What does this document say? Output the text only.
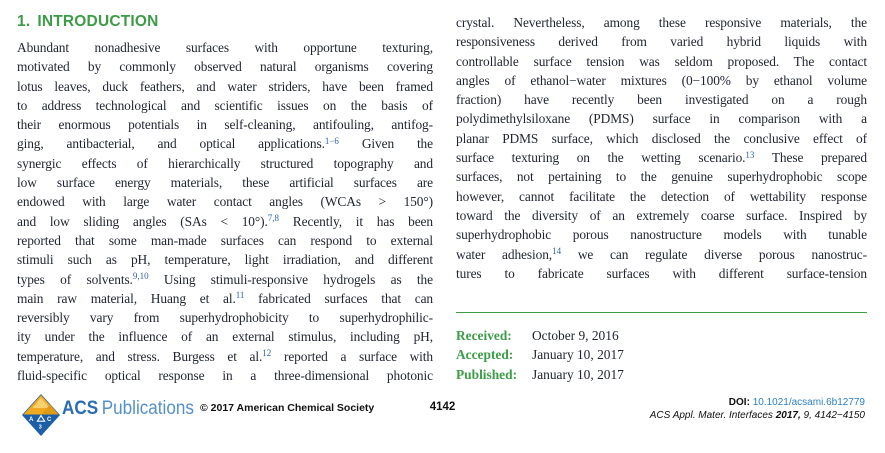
1. INTRODUCTION
Abundant nonadhesive surfaces with opportune texturing,
motivated by commonly observed natural organisms covering
lotus leaves, duck feathers, and water striders, have been framed
to address technological and scientific issues on the basis of
their enormous potentials in self-cleaning, antifouling, antifog-
ging, antibacterial, and optical applications.$^{1-6}$ Given the
synergic effects of hierarchically structured topography and
low surface energy materials, these artificial surfaces are
endowed with large water contact angles (WCAs > 150°)
and low sliding angles (SAs < 10°).$^{7,8}$ Recently, it has been
reported that some man-made surfaces can respond to external
stimuli such as pH, temperature, light irradiation, and different
types of solvents.$^{9,10}$ Using stimuli-responsive hydrogels as the
main raw material, Huang et al.$^{11}$ fabricated surfaces that can
reversibly vary from superhydrophobicity to superhydrophilic-
ity under the influence of an external stimulus, including pH,
temperature, and stress. Burgess et al.$^{12}$ reported a surface with
fluid-specific optical response in a three-dimensional photonic
crystal. Nevertheless, among these responsive materials, the
responsiveness derived from varied hybrid liquids with
controllable surface tension was seldom proposed. The contact
angles of ethanol−water mixtures (0−100% by ethanol volume
fraction) have recently been investigated on a rough
polydimethylsiloxane (PDMS) surface in comparison with a
planar PDMS surface, which disclosed the conclusive effect of
surface texturing on the wetting scenario.$^{13}$ These prepared
surfaces, not pertaining to the genuine superhydrophobic scope
however, cannot facilitate the detection of wettability response
toward the diversity of an extremely coarse surface. Inspired by
superhydrophobic porous nanostructure models with tunable
water adhesion,$^{14}$ we can regulate diverse porous nanostruc-
tures to fabricate surfaces with different surface-tension
Received:	October 9, 2016
Accepted:	January 10, 2017
Published:	January 10, 2017
A C
3
ACS Publications © 2017 American Chemical Society	4142	DOI: 10.1021/acsami.6b12779
ACS Appl. Mater. Interfaces 2017, 9, 4142−4150
